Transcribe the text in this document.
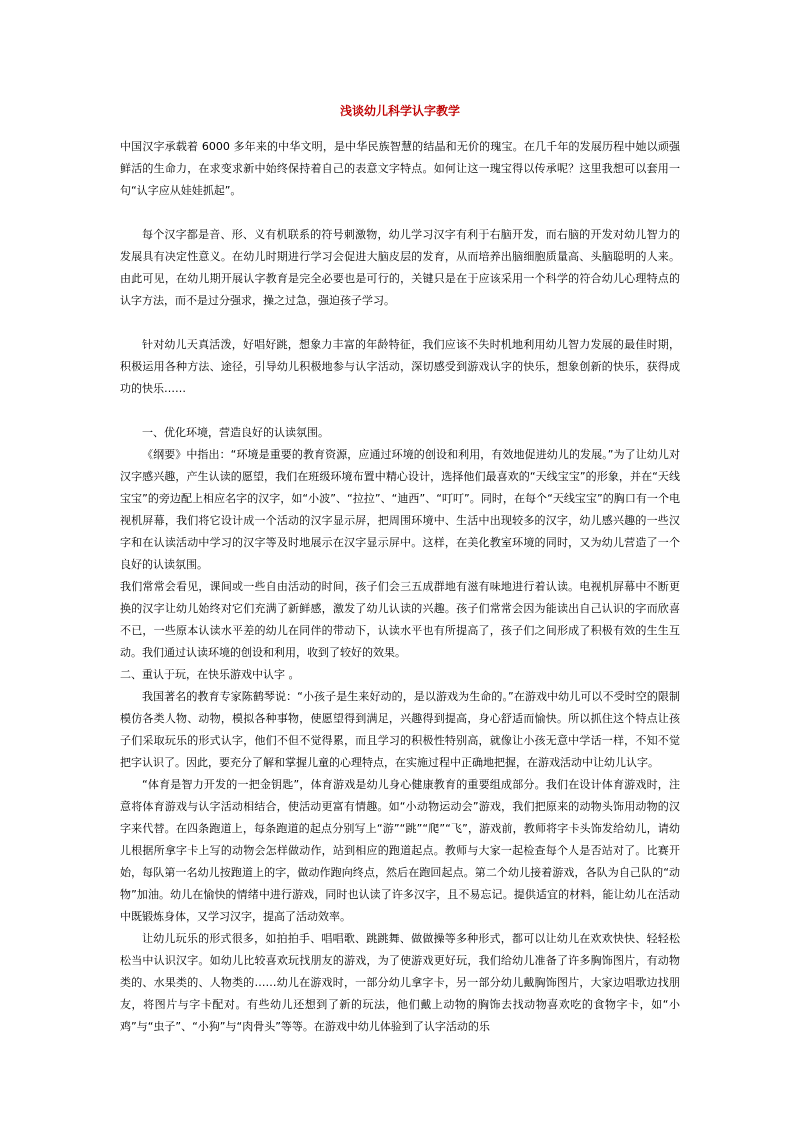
浅谈幼儿科学认字教学

中国汉字承载着 6000 多年来的中华文明，是中华民族智慧的结晶和无价的瑰宝。在几千年的发展历程中她以顽强鲜活的生命力，在求变求新中始终保持着自己的表意文字特点。如何让这一瑰宝得以传承呢？这里我想可以套用一句“认字应从娃娃抓起”。

每个汉字都是音、形、义有机联系的符号刺激物，幼儿学习汉字有利于右脑开发，而右脑的开发对幼儿智力的发展具有决定性意义。在幼儿时期进行学习会促进大脑皮层的发育，从而培养出脑细胞质量高、头脑聪明的人来。由此可见，在幼儿期开展认字教育是完全必要也是可行的，关键只是在于应该采用一个科学的符合幼儿心理特点的认字方法，而不是过分强求，操之过急，强迫孩子学习。

针对幼儿天真活泼，好唱好跳，想象力丰富的年龄特征，我们应该不失时机地利用幼儿智力发展的最佳时期，积极运用各种方法、途径，引导幼儿积极地参与认字活动，深切感受到游戏认字的快乐，想象创新的快乐，获得成功的快乐……

一、优化环境，营造良好的认读氛围。

《纲要》中指出：“环境是重要的教育资源，应通过环境的创设和利用，有效地促进幼儿的发展。”为了让幼儿对汉字感兴趣，产生认读的愿望，我们在班级环境布置中精心设计，选择他们最喜欢的“天线宝宝”的形象，并在“天线宝宝”的旁边配上相应名字的汉字，如“小波”、“拉拉”、“迪西”、“叮叮”。同时，在每个“天线宝宝”的胸口有一个电视机屏幕，我们将它设计成一个活动的汉字显示屏，把周围环境中、生活中出现较多的汉字，幼儿感兴趣的一些汉字和在认读活动中学习的汉字等及时地展示在汉字显示屏中。这样，在美化教室环境的同时，又为幼儿营造了一个良好的认读氛围。

我们常常会看见，课间或一些自由活动的时间，孩子们会三五成群地有滋有味地进行着认读。电视机屏幕中不断更换的汉字让幼儿始终对它们充满了新鲜感，激发了幼儿认读的兴趣。孩子们常常会因为能读出自己认识的字而欣喜不已，一些原本认读水平差的幼儿在同伴的带动下，认读水平也有所提高了，孩子们之间形成了积极有效的生生互动。我们通过认读环境的创设和利用，收到了较好的效果。

二、重认于玩，在快乐游戏中认字 。

我国著名的教育专家陈鹤琴说：“小孩子是生来好动的，是以游戏为生命的。”在游戏中幼儿可以不受时空的限制模仿各类人物、动物，模拟各种事物，使愿望得到满足，兴趣得到提高，身心舒适而愉快。所以抓住这个特点让孩子们采取玩乐的形式认字，他们不但不觉得累，而且学习的积极性特别高，就像让小孩无意中学话一样，不知不觉把字认识了。因此，要充分了解和掌握儿童的心理特点，在实施过程中正确地把握，在游戏活动中让幼儿认字。

“体育是智力开发的一把金钥匙”，体育游戏是幼儿身心健康教育的重要组成部分。我们在设计体育游戏时，注意将体育游戏与认字活动相结合，使活动更富有情趣。如“小动物运动会”游戏，我们把原来的动物头饰用动物的汉字来代替。在四条跑道上，每条跑道的起点分别写上“游”“跳”“爬”“飞”，游戏前，教师将字卡头饰发给幼儿，请幼儿根据所拿字卡上写的动物会怎样做动作，站到相应的跑道起点。教师与大家一起检查每个人是否站对了。比赛开始，每队第一名幼儿按跑道上的字，做动作跑向终点，然后在跑回起点。第二个幼儿接着游戏，各队为自己队的“动物”加油。幼儿在愉快的情绪中进行游戏，同时也认读了许多汉字，且不易忘记。提供适宜的材料，能让幼儿在活动中既锻炼身体，又学习汉字，提高了活动效率。

让幼儿玩乐的形式很多，如拍拍手、唱唱歌、跳跳舞、做做操等多种形式，都可以让幼儿在欢欢快快、轻轻松松当中认识汉字。如幼儿比较喜欢玩找朋友的游戏，为了使游戏更好玩，我们给幼儿准备了许多胸饰图片，有动物类的、水果类的、人物类的……幼儿在游戏时，一部分幼儿拿字卡，另一部分幼儿戴胸饰图片，大家边唱歌边找朋友，将图片与字卡配对。有些幼儿还想到了新的玩法，他们戴上动物的胸饰去找动物喜欢吃的食物字卡，如“小鸡”与“虫子”、“小狗”与“肉骨头”等等。在游戏中幼儿体验到了认字活动的乐
